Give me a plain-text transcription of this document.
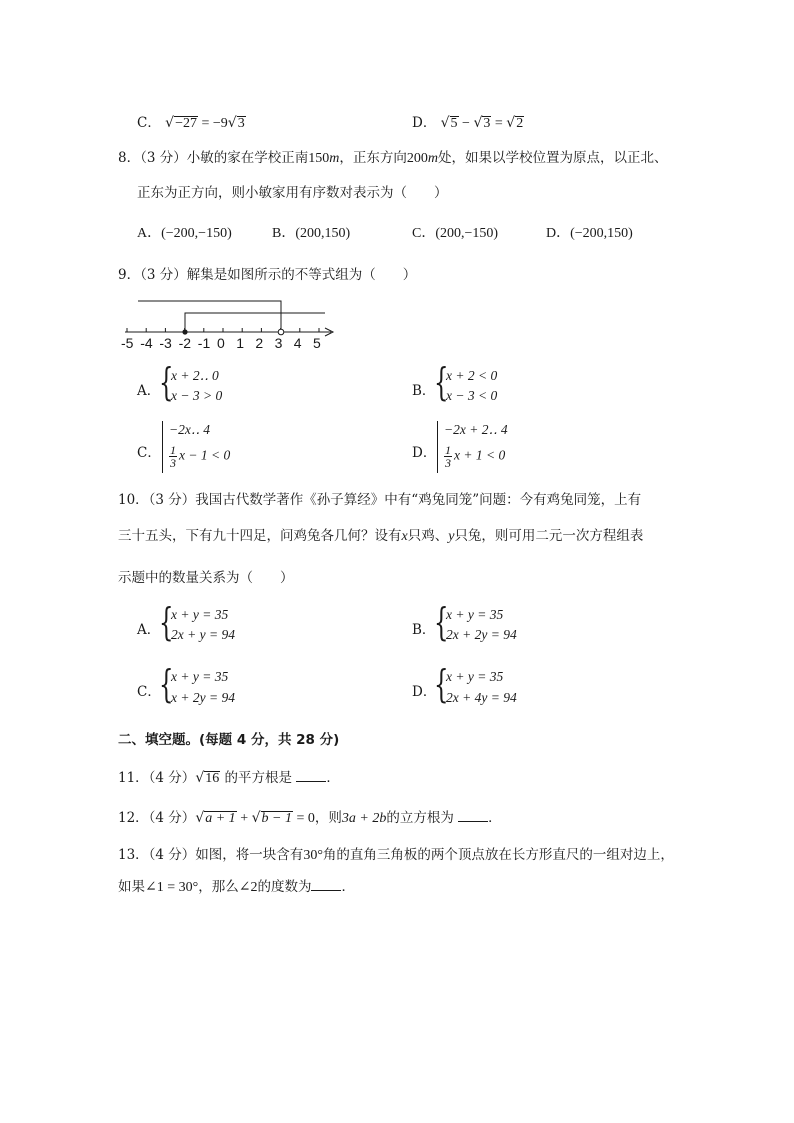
C． √−27 = −9√3	D． √5 − √3 = √2
8．（3 分）小敏的家在学校正南150m，正东方向200m处，如果以学校位置为原点，以正北、
正东为正方向，则小敏家用有序数对表示为（　　）
A．(−200,−150)	B．(200,150)	C．(200,−150)	D．(−200,150)
9．（3 分）解集是如图所示的不等式组为（　　）
-5 -4 -3 -2 -1 0 1 2 3 4 5
A．
{
x + 2‥ 0
x − 3 > 0	B．
{
x + 2 < 0
x − 3 < 0
C．
−2x‥ 4
$\frac{1}{3}$ x − 1 < 0	D．
−2x + 2‥ 4
$\frac{1}{3}$ x + 1 < 0
10．（3 分）我国古代数学著作《孙子算经》中有“鸡兔同笼”问题：今有鸡兔同笼，上有
三十五头，下有九十四足，问鸡兔各几何？设有x只鸡、y只兔，则可用二元一次方程组表
示题中的数量关系为（　　）
A．
{
x + y = 35
2x + y = 94	B．
{
x + y = 35
2x + 2y = 94
C．
{
x + y = 35
x + 2y = 94	D．
{
x + y = 35
2x + 4y = 94
二、填空题。(每题 4 分，共 28 分)
11．（4 分）√16 的平方根是	．
12．（4 分）√a + 1 + √b − 1 = 0，则3a + 2b的立方根为	．
13．（4 分）如图，将一块含有30°角的直角三角板的两个顶点放在长方形直尺的一组对边上，
如果∠1 = 30°，那么∠2的度数为 ．
